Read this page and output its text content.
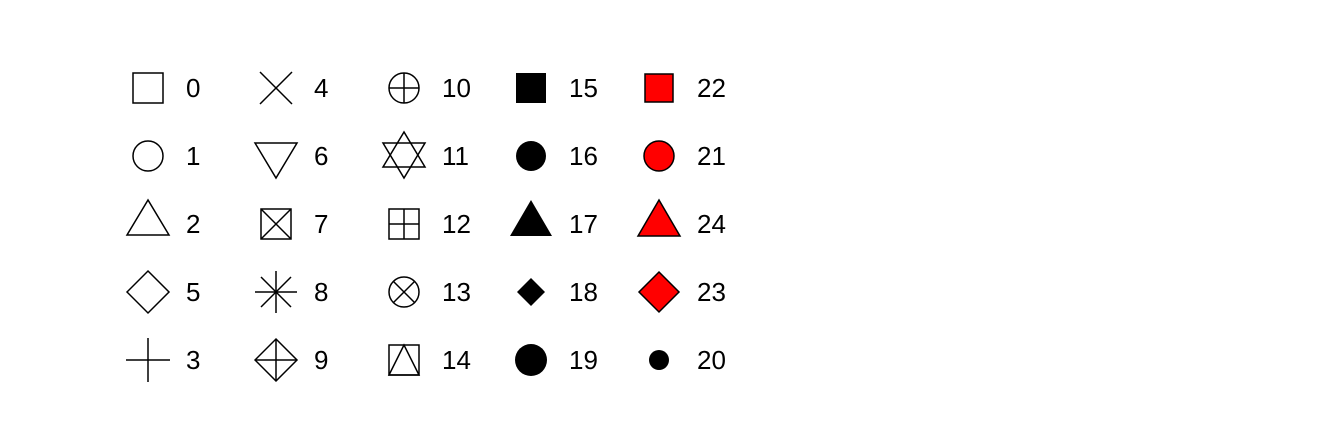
0
1
2
5
3
4
6
7
8
9
10
11
12
13
14
15
16
17
18
19
22
21
24
23
20
